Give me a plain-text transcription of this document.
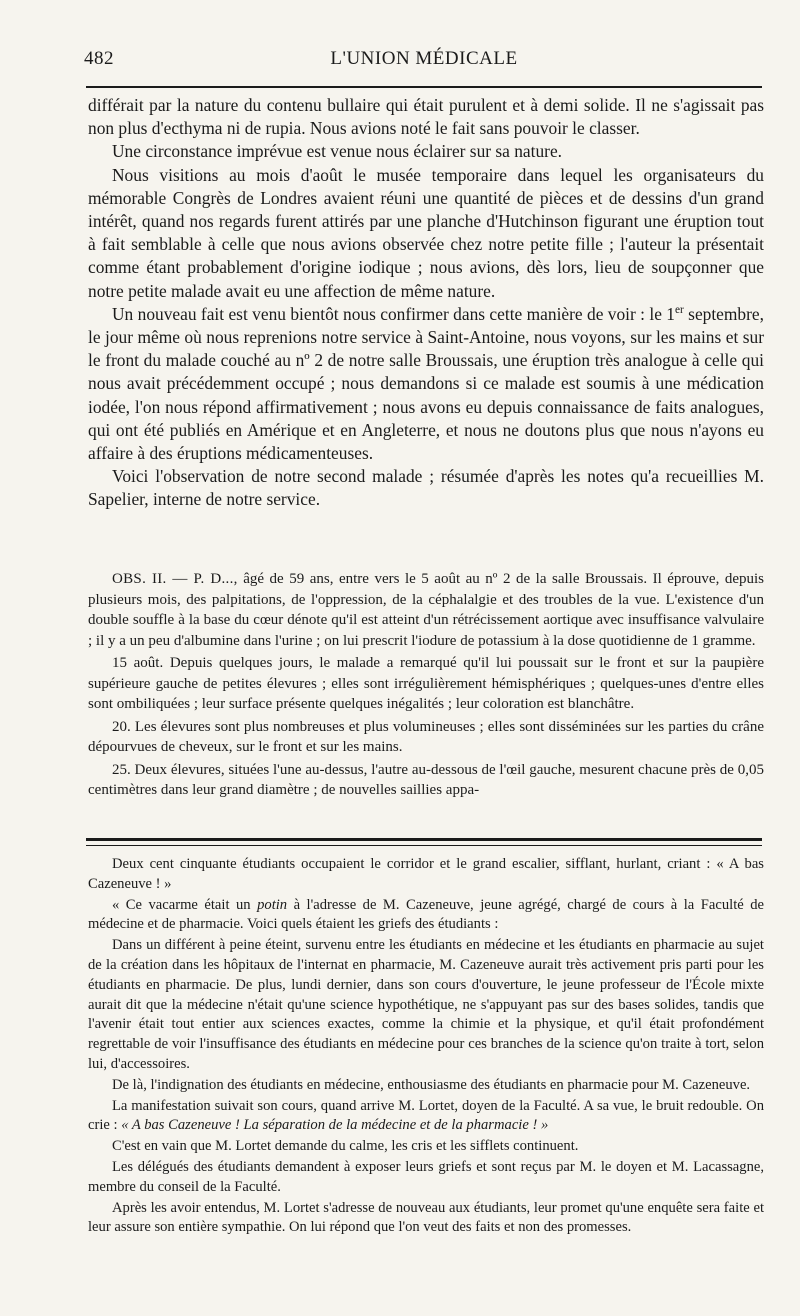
482	L'UNION MÉDICALE

différait par la nature du contenu bullaire qui était purulent et à demi solide. Il ne s'agissait pas non plus d'ecthyma ni de rupia. Nous avions noté le fait sans pouvoir le classer.

Une circonstance imprévue est venue nous éclairer sur sa nature.

Nous visitions au mois d'août le musée temporaire dans lequel les organisateurs du mémorable Congrès de Londres avaient réuni une quantité de pièces et de dessins d'un grand intérêt, quand nos regards furent attirés par une planche d'Hutchinson figurant une éruption tout à fait semblable à celle que nous avions observée chez notre petite fille ; l'auteur la présentait comme étant probablement d'origine iodique ; nous avions, dès lors, lieu de soupçonner que notre petite malade avait eu une affection de même nature.

Un nouveau fait est venu bientôt nous confirmer dans cette manière de voir : le 1er septembre, le jour même où nous reprenions notre service à Saint-Antoine, nous voyons, sur les mains et sur le front du malade couché au nº 2 de notre salle Broussais, une éruption très analogue à celle qui nous avait précédemment occupé ; nous demandons si ce malade est soumis à une médication iodée, l'on nous répond affirmativement ; nous avons eu depuis connaissance de faits analogues, qui ont été publiés en Amérique et en Angleterre, et nous ne doutons plus que nous n'ayons eu affaire à des éruptions médicamenteuses.

Voici l'observation de notre second malade ; résumée d'après les notes qu'a recueillies M. Sapelier, interne de notre service.

OBS. II. — P. D..., âgé de 59 ans, entre vers le 5 août au nº 2 de la salle Broussais. Il éprouve, depuis plusieurs mois, des palpitations, de l'oppression, de la céphalalgie et des troubles de la vue. L'existence d'un double souffle à la base du cœur dénote qu'il est atteint d'un rétrécissement aortique avec insuffisance valvulaire ; il y a un peu d'albumine dans l'urine ; on lui prescrit l'iodure de potassium à la dose quotidienne de 1 gramme.

15 août. Depuis quelques jours, le malade a remarqué qu'il lui poussait sur le front et sur la paupière supérieure gauche de petites élevures ; elles sont irrégulièrement hémisphériques ; quelques-unes d'entre elles sont ombiliquées ; leur surface présente quelques inégalités ; leur coloration est blanchâtre.

20. Les élevures sont plus nombreuses et plus volumineuses ; elles sont disséminées sur les parties du crâne dépourvues de cheveux, sur le front et sur les mains.

25. Deux élevures, situées l'une au-dessus, l'autre au-dessous de l'œil gauche, mesurent chacune près de 0,05 centimètres dans leur grand diamètre ; de nouvelles saillies appa-

Deux cent cinquante étudiants occupaient le corridor et le grand escalier, sifflant, hurlant, criant : « A bas Cazeneuve ! »

« Ce vacarme était un potin à l'adresse de M. Cazeneuve, jeune agrégé, chargé de cours à la Faculté de médecine et de pharmacie. Voici quels étaient les griefs des étudiants :

Dans un différent à peine éteint, survenu entre les étudiants en médecine et les étudiants en pharmacie au sujet de la création dans les hôpitaux de l'internat en pharmacie, M. Cazeneuve aurait très activement pris parti pour les étudiants en pharmacie. De plus, lundi dernier, dans son cours d'ouverture, le jeune professeur de l'École mixte aurait dit que la médecine n'était qu'une science hypothétique, ne s'appuyant pas sur des bases solides, tandis que l'avenir était tout entier aux sciences exactes, comme la chimie et la physique, et qu'il était profondément regrettable de voir l'insuffisance des étudiants en médecine pour ces branches de la science qu'on traite à tort, selon lui, d'accessoires.

De là, l'indignation des étudiants en médecine, enthousiasme des étudiants en pharmacie pour M. Cazeneuve.

La manifestation suivait son cours, quand arrive M. Lortet, doyen de la Faculté. A sa vue, le bruit redouble. On crie : « A bas Cazeneuve ! La séparation de la médecine et de la pharmacie ! »

C'est en vain que M. Lortet demande du calme, les cris et les sifflets continuent.

Les délégués des étudiants demandent à exposer leurs griefs et sont reçus par M. le doyen et M. Lacassagne, membre du conseil de la Faculté.

Après les avoir entendus, M. Lortet s'adresse de nouveau aux étudiants, leur promet qu'une enquête sera faite et leur assure son entière sympathie. On lui répond que l'on veut des faits et non des promesses.
